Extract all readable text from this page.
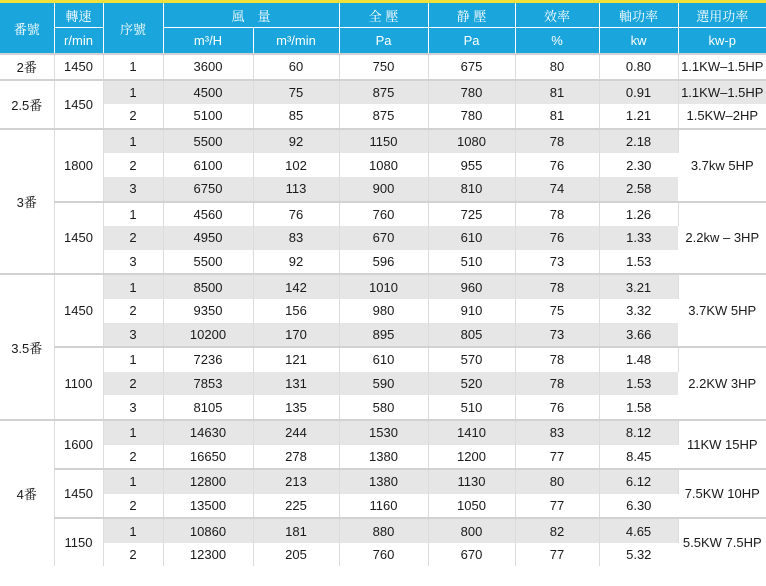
番號	轉速	序號	風　量		全 壓	静 壓	效率	軸功率	選用功率
	r/min		m³/H	m³/min	Pa	Pa	%	kw	kw-p
2番	1450	1	3600	60	750	675	80	0.80	1.1KW–1.5HP
2.5番	1450	1	4500	75	875	780	81	0.91	1.1KW–1.5HP
		2	5100	85	875	780	81	1.21	1.5KW–2HP
3番	1800	1	5500	92	1150	1080	78	2.18	3.7kw 5HP
		2	6100	102	1080	955	76	2.30	
		3	6750	113	900	810	74	2.58	
	1450	1	4560	76	760	725	78	1.26	2.2kw – 3HP
		2	4950	83	670	610	76	1.33	
		3	5500	92	596	510	73	1.53	
3.5番	1450	1	8500	142	1010	960	78	3.21	3.7KW 5HP
		2	9350	156	980	910	75	3.32	
		3	10200	170	895	805	73	3.66	
	1100	1	7236	121	610	570	78	1.48	2.2KW 3HP
		2	7853	131	590	520	78	1.53	
		3	8105	135	580	510	76	1.58	
4番	1600	1	14630	244	1530	1410	83	8.12	11KW 15HP
		2	16650	278	1380	1200	77	8.45	
	1450	1	12800	213	1380	1130	80	6.12	7.5KW 10HP
		2	13500	225	1160	1050	77	6.30	
	1150	1	10860	181	880	800	82	4.65	5.5KW 7.5HP
		2	12300	205	760	670	77	5.32	
